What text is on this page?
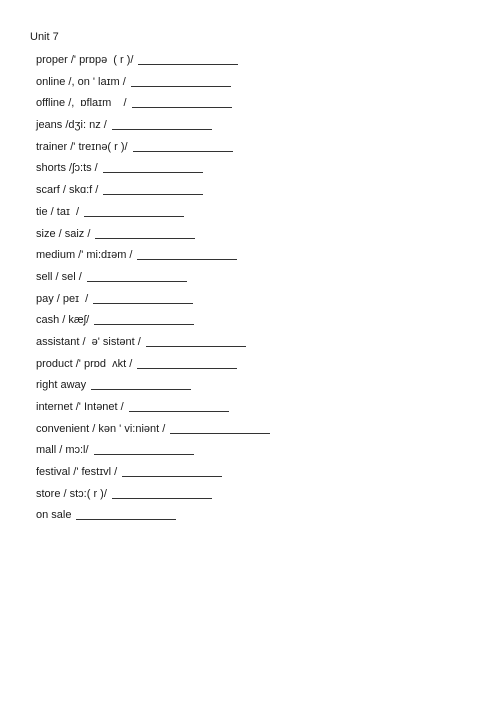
Unit 7
proper /' prɒpə  ( r )/
online /, on ' laɪm /
offline /,  ɒflaɪm    /
jeans /dʒi: nz /
trainer /' treɪnə( r )/
shorts /ʃɔ:ts /
scarf / skɑ:f /
tie / taɪ  /
size / saiz /
medium /' mi:dɪəm /
sell / sel /
pay / peɪ  /
cash / kæʃ/
assistant /  ə' sistənt /
product /' prɒd  ʌkt /
right away
internet /' Intənet /
convenient / kən ' vi:niənt /
mall / mɔ:l/
festival /' festɪvl /
store / stɔ:( r )/
on sale
